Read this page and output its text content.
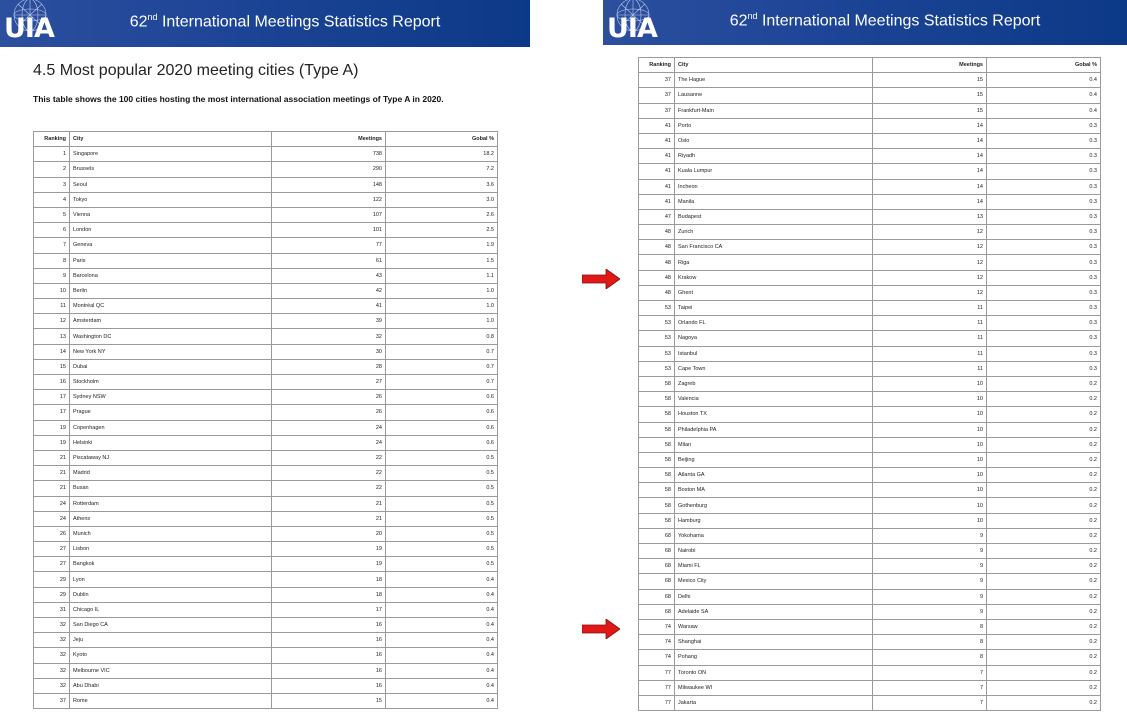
UIA	62nd International Meetings Statistics Report
4.5 Most popular 2020 meeting cities (Type A)
This table shows the 100 cities hosting the most international association meetings of Type A in 2020.
Ranking	City	Meetings	Gobal %
1	Singapore	738	18.2
2	Brussels	290	7.2
3	Seoul	148	3.6
4	Tokyo	122	3.0
5	Vienna	107	2.6
6	London	101	2.5
7	Geneva	77	1.9
8	Paris	61	1.5
9	Barcelona	43	1.1
10	Berlin	42	1.0
11	Montréal QC	41	1.0
12	Amsterdam	39	1.0
13	Washington DC	32	0.8
14	New York NY	30	0.7
15	Dubai	28	0.7
16	Stockholm	27	0.7
17	Sydney NSW	26	0.6
17	Prague	26	0.6
19	Copenhagen	24	0.6
19	Helsinki	24	0.6
21	Piscataway NJ	22	0.5
21	Madrid	22	0.5
21	Busan	22	0.5
24	Rotterdam	21	0.5
24	Athens	21	0.5
26	Munich	20	0.5
27	Lisbon	19	0.5
27	Bangkok	19	0.5
29	Lyon	18	0.4
29	Dublin	18	0.4
31	Chicago IL	17	0.4
32	San Diego CA	16	0.4
32	Jeju	16	0.4
32	Kyoto	16	0.4
32	Melbourne VIC	16	0.4
32	Abu Dhabi	16	0.4
37	Rome	15	0.4
UIA	62nd International Meetings Statistics Report
Ranking	City	Meetings	Gobal %
37	The Hague	15	0.4
37	Lausanne	15	0.4
37	Frankfurt-Main	15	0.4
41	Porto	14	0.3
41	Oslo	14	0.3
41	Riyadh	14	0.3
41	Kuala Lumpur	14	0.3
41	Incheon	14	0.3
41	Manila	14	0.3
47	Budapest	13	0.3
48	Zurich	12	0.3
48	San Francisco CA	12	0.3
48	Riga	12	0.3
48	Krakow	12	0.3
48	Ghent	12	0.3
53	Taipei	11	0.3
53	Orlando FL	11	0.3
53	Nagoya	11	0.3
53	Istanbul	11	0.3
53	Cape Town	11	0.3
58	Zagreb	10	0.2
58	Valencia	10	0.2
58	Houston TX	10	0.2
58	Philadelphia PA	10	0.2
58	Milan	10	0.2
58	Beijing	10	0.2
58	Atlanta GA	10	0.2
58	Boston MA	10	0.2
58	Gothenburg	10	0.2
58	Hamburg	10	0.2
68	Yokohama	9	0.2
68	Nairobi	9	0.2
68	Miami FL	9	0.2
68	Mexico City	9	0.2
68	Delhi	9	0.2
68	Adelaide SA	9	0.2
74	Warsaw	8	0.2
74	Shanghai	8	0.2
74	Pohang	8	0.2
77	Toronto ON	7	0.2
77	Milwaukee WI	7	0.2
77	Jakarta	7	0.2
